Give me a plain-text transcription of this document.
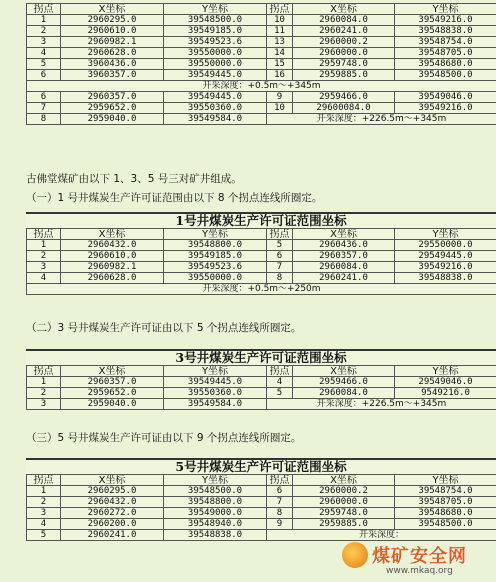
拐点	X坐标	Y坐标	拐点	X坐标	Y坐标
1	2960295.0	39548500.0	10	2960084.0	39549216.0
2	2960610.0	39549185.0	11	2960241.0	39548838.0
3	2960982.1	39549523.6	13	2960000.2	39548754.0
4	2960628.0	39550000.0	14	2960000.0	39548705.0
5	3960436.0	39550000.0	15	2959748.0	39548680.0
6	3960357.0	39549445.0	16	2959885.0	39548500.0
开采深度：+0.5m～+345m					
6	2960357.0	39549445.0	9	2959466.0	39549046.0
7	2959652.0	39550360.0	10	29600084.0	39549216.0
8	2959040.0	39549584.0	开采深度：+226.5m～+345m		
古佛堂煤矿由以下 1、3、5 号三对矿井组成。
（一）1 号井煤炭生产许可证范围由以下 8 个拐点连线所圈定。
1号井煤炭生产许可证范围坐标
拐点	X坐标	Y坐标	拐点	X坐标	Y坐标
1	2960432.0	39548800.0	5	2960436.0	29550000.0
2	2960610.0	39549185.0	6	2960357.0	29549445.0
3	2960982.1	39549523.6	7	2960084.0	39549216.0
4	2960628.0	39550000.0	8	2960241.0	39548838.0
开采深度：+0.5m～+250m					
（二）3 号井煤炭生产许可证由以下 5 个拐点连线所圈定。
3号井煤炭生产许可证范围坐标
拐点	X坐标	Y坐标	拐点	X坐标	Y坐标
1	2960357.0	39549445.0	4	2959466.0	29549046.0
2	2959652.0	39550360.0	5	2960084.0	9549216.0
3	2959040.0	39549584.0	开采深度：+226.5m～+345m		
（三）5 号井煤炭生产许可证由以下 9 个拐点连线所圈定。
5号井煤炭生产许可证范围坐标
拐点	X坐标	Y坐标	拐点	X坐标	Y坐标
1	2960295.0	39548500.0	6	2960000.2	39548754.0
2	2960432.0	39548800.0	7	2960000.0	39548705.0
3	2960272.0	39549000.0	8	2959748.0	39548680.0
4	2960200.0	39548940.0	9	2959885.0	39548500.0
5	2960241.0	39548838.0	开采深度：		
煤矿安全网
www.mkaq.org
